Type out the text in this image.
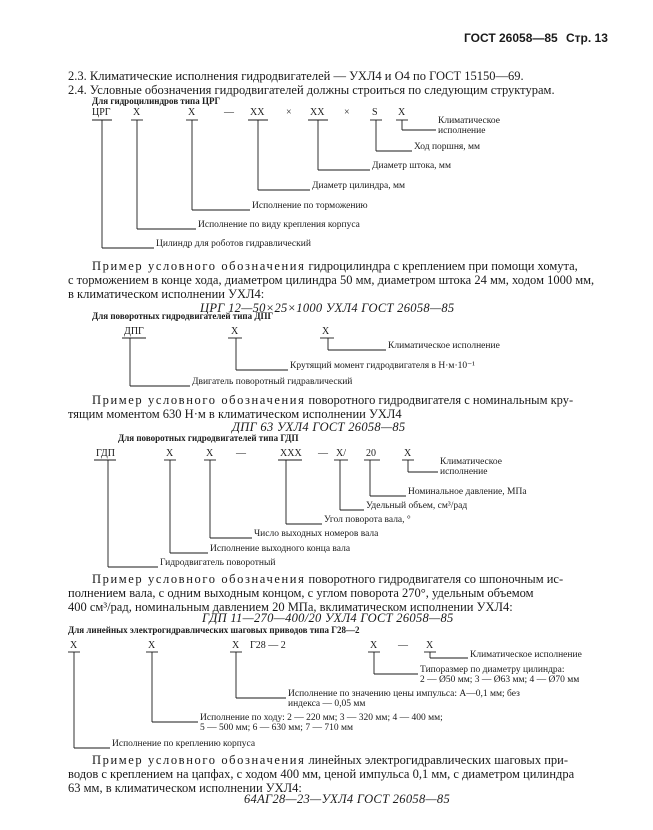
ГОСТ 26058—85 Стр. 13
2.3. Климатические исполнения гидродвигателей — УХЛ4 и О4 по ГОСТ 15150—69.
2.4. Условные обозначения гидродвигателей должны строиться по следующим структурам.
Для гидроцилиндров типа ЦРГ
ЦРГ Х	Х	— ХХ × ХХ × S Х
Климатическое
исполнение
Ход поршня, мм
Диаметр штока, мм
Диаметр цилиндра, мм
Исполнение по торможению
Исполнение по виду крепления корпуса
Цилиндр для роботов гидравлический
Пример условного обозначения гидроцилиндра с креплением при помощи хомута,
с торможением в конце хода, диаметром цилиндра 50 мм, диаметром штока 24 мм, ходом 1000 мм,
в климатическом исполнении УХЛ4:
ЦРГ 12—50×25×1000 УХЛ4 ГОСТ 26058—85
Для поворотных гидродвигателей типа ДПГ
ДПГ	Х	Х
Климатическое исполнение
Крутящий момент гидродвигателя в Н·м·10⁻¹
Двигатель поворотный гидравлический
Пример условного обозначения поворотного гидродвигателя с номинальным кру-
тящим моментом 630 Н·м в климатическом исполнении УХЛ4
ДПГ 63 УХЛ4 ГОСТ 26058—85
Для поворотных гидродвигателей типа ГДП
ГДП	Х	Х —	ХХХ — Х/ 20	Х
Климатическое
исполнение
Номинальное давление, МПа
Удельный объем, см³/рад
Угол поворота вала, °
Число выходных номеров вала
Исполнение выходного конца вала
Гидродвигатель поворотный
Пример условного обозначения поворотного гидродвигателя со шпоночным ис-
полнением вала, с одним выходным концом, с углом поворота 270°, удельным объемом
400 см³/рад, номинальным давлением 20 МПа, вклиматическом исполнении УХЛ4:
ГДП 11—270—400/20 УХЛ4 ГОСТ 26058—85
Для линейных электрогидравлических шаговых приводов типа Г28—2
Х	Х	Х Г28 — 2	Х — Х
Климатическое исполнение
Типоразмер по диаметру цилиндра:
2 — Ø50 мм; 3 — Ø63 мм; 4 — Ø70 мм
Исполнение по значению цены импульса: А—0,1 мм; без
индекса — 0,05 мм
Исполнение по ходу: 2 — 220 мм; 3 — 320 мм; 4 — 400 мм;
5 — 500 мм; 6 — 630 мм; 7 — 710 мм
Исполнение по креплению корпуса
Пример условного обозначения линейных электрогидравлических шаговых при-
водов с креплением на цапфах, с ходом 400 мм, ценой импульса 0,1 мм, с диаметром цилиндра
63 мм, в климатическом исполнении УХЛ4:
64АГ28—23—УХЛ4 ГОСТ 26058—85
